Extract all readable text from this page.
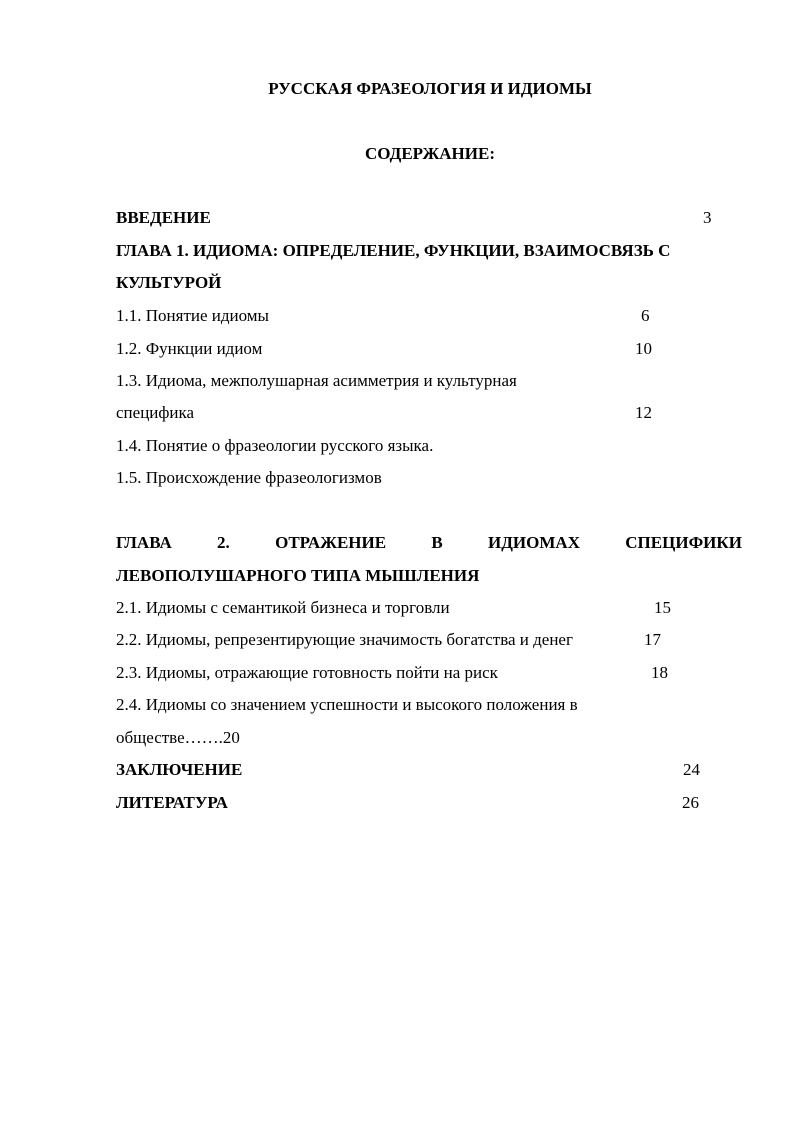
РУССКАЯ ФРАЗЕОЛОГИЯ И ИДИОМЫ
СОДЕРЖАНИЕ:
ВВЕДЕНИЕ	3
ГЛАВА 1. ИДИОМА: ОПРЕДЕЛЕНИЕ, ФУНКЦИИ, ВЗАИМОСВЯЗЬ С
КУЛЬТУРОЙ
1.1. Понятие идиомы	6
1.2. Функции идиом	10
1.3. Идиома, межполушарная асимметрия и культурная
специфика	12
1.4. Понятие о фразеологии русского языка.
1.5. Происхождение фразеологизмов
ГЛАВА	2.	ОТРАЖЕНИЕ	В	ИДИОМАХ	СПЕЦИФИКИ
ЛЕВОПОЛУШАРНОГО ТИПА МЫШЛЕНИЯ
2.1. Идиомы с семантикой бизнеса и торговли	15
2.2. Идиомы, репрезентирующие значимость богатства и денег	17
2.3. Идиомы, отражающие готовность пойти на риск	18
2.4. Идиомы со значением успешности и высокого положения в
обществе…….20
ЗАКЛЮЧЕНИЕ	24
ЛИТЕРАТУРА	26
